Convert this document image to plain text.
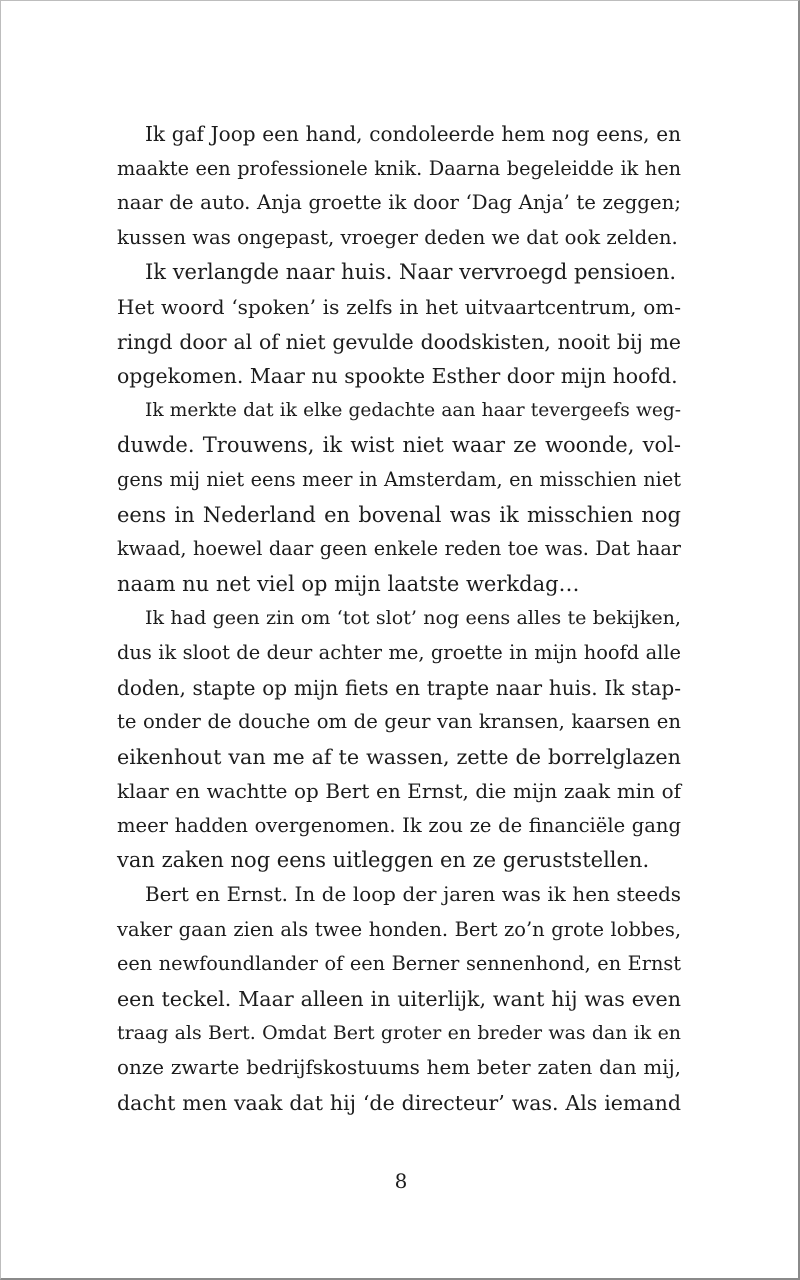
Ik gaf Joop een hand, condoleerde hem nog eens, en
maakte een professionele knik. Daarna begeleidde ik hen
naar de auto. Anja groette ik door ‘Dag Anja’ te zeggen;
kussen was ongepast, vroeger deden we dat ook zelden.
Ik verlangde naar huis. Naar vervroegd pensioen.
Het woord ‘spoken’ is zelfs in het uitvaartcentrum, om-
ringd door al of niet gevulde doodskisten, nooit bij me
opgekomen. Maar nu spookte Esther door mijn hoofd.
Ik merkte dat ik elke gedachte aan haar tevergeefs weg-
duwde. Trouwens, ik wist niet waar ze woonde, vol-
gens mij niet eens meer in Amsterdam, en misschien niet
eens in Nederland en bovenal was ik misschien nog
kwaad, hoewel daar geen enkele reden toe was. Dat haar
naam nu net viel op mijn laatste werkdag…
Ik had geen zin om ‘tot slot’ nog eens alles te bekijken,
dus ik sloot de deur achter me, groette in mijn hoofd alle
doden, stapte op mijn fiets en trapte naar huis. Ik stap-
te onder de douche om de geur van kransen, kaarsen en
eikenhout van me af te wassen, zette de borrelglazen
klaar en wachtte op Bert en Ernst, die mijn zaak min of
meer hadden overgenomen. Ik zou ze de financiële gang
van zaken nog eens uitleggen en ze geruststellen.
Bert en Ernst. In de loop der jaren was ik hen steeds
vaker gaan zien als twee honden. Bert zo’n grote lobbes,
een newfoundlander of een Berner sennenhond, en Ernst
een teckel. Maar alleen in uiterlijk, want hij was even
traag als Bert. Omdat Bert groter en breder was dan ik en
onze zwarte bedrijfskostuums hem beter zaten dan mij,
dacht men vaak dat hij ‘de directeur’ was. Als iemand
8
